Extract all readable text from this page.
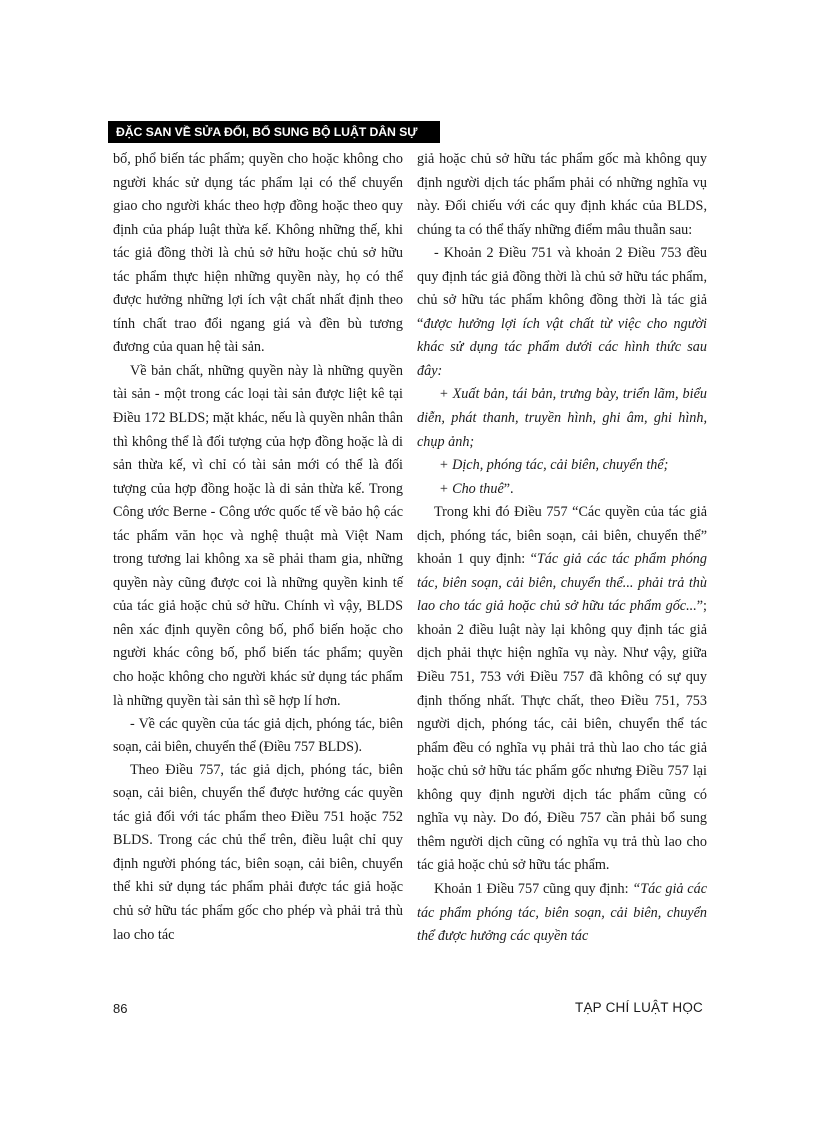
ĐẶC SAN VỀ SỬA ĐỔI, BỔ SUNG BỘ LUẬT DÂN SỰ

bố, phổ biến tác phẩm; quyền cho hoặc không cho người khác sử dụng tác phẩm lại có thể chuyển giao cho người khác theo hợp đồng hoặc theo quy định của pháp luật thừa kế. Không những thế, khi tác giả đồng thời là chủ sở hữu hoặc chủ sở hữu tác phẩm thực hiện những quyền này, họ có thể được hưởng những lợi ích vật chất nhất định theo tính chất trao đổi ngang giá và đền bù tương đương của quan hệ tài sản.

Về bản chất, những quyền này là những quyền tài sản - một trong các loại tài sản được liệt kê tại Điều 172 BLDS; mặt khác, nếu là quyền nhân thân thì không thể là đối tượng của hợp đồng hoặc là di sản thừa kế, vì chỉ có tài sản mới có thể là đối tượng của hợp đồng hoặc là di sản thừa kế. Trong Công ước Berne - Công ước quốc tế về bảo hộ các tác phẩm văn học và nghệ thuật mà Việt Nam trong tương lai không xa sẽ phải tham gia, những quyền này cũng được coi là những quyền kinh tế của tác giả hoặc chủ sở hữu. Chính vì vậy, BLDS nên xác định quyền công bố, phổ biến hoặc cho người khác công bố, phổ biến tác phẩm; quyền cho hoặc không cho người khác sử dụng tác phẩm là những quyền tài sản thì sẽ hợp lí hơn.

- Về các quyền của tác giả dịch, phóng tác, biên soạn, cải biên, chuyển thể (Điều 757 BLDS).

Theo Điều 757, tác giả dịch, phóng tác, biên soạn, cải biên, chuyển thể được hưởng các quyền tác giả đối với tác phẩm theo Điều 751 hoặc 752 BLDS. Trong các chủ thể trên, điều luật chỉ quy định người phóng tác, biên soạn, cải biên, chuyển thể khi sử dụng tác phẩm phải được tác giả hoặc chủ sở hữu tác phẩm gốc cho phép và phải trả thù lao cho tác

giả hoặc chủ sở hữu tác phẩm gốc mà không quy định người dịch tác phẩm phải có những nghĩa vụ này. Đối chiếu với các quy định khác của BLDS, chúng ta có thể thấy những điểm mâu thuẫn sau:

- Khoản 2 Điều 751 và khoản 2 Điều 753 đều quy định tác giả đồng thời là chủ sở hữu tác phẩm, chủ sở hữu tác phẩm không đồng thời là tác giả “được hưởng lợi ích vật chất từ việc cho người khác sử dụng tác phẩm dưới các hình thức sau đây:

+ Xuất bản, tái bản, trưng bày, triển lãm, biểu diễn, phát thanh, truyền hình, ghi âm, ghi hình, chụp ảnh;

+ Dịch, phóng tác, cải biên, chuyển thể;

+ Cho thuê”.

Trong khi đó Điều 757 “Các quyền của tác giả dịch, phóng tác, biên soạn, cải biên, chuyển thể” khoản 1 quy định: “Tác giả các tác phẩm phóng tác, biên soạn, cải biên, chuyển thể... phải trả thù lao cho tác giả hoặc chủ sở hữu tác phẩm gốc...”; khoản 2 điều luật này lại không quy định tác giả dịch phải thực hiện nghĩa vụ này. Như vậy, giữa Điều 751, 753 với Điều 757 đã không có sự quy định thống nhất. Thực chất, theo Điều 751, 753 người dịch, phóng tác, cải biên, chuyển thể tác phẩm đều có nghĩa vụ phải trả thù lao cho tác giả hoặc chủ sở hữu tác phẩm gốc nhưng Điều 757 lại không quy định người dịch tác phẩm cũng có nghĩa vụ này. Do đó, Điều 757 cần phải bổ sung thêm người dịch cũng có nghĩa vụ trả thù lao cho tác giả hoặc chủ sở hữu tác phẩm.

Khoản 1 Điều 757 cũng quy định: “Tác giả các tác phẩm phóng tác, biên soạn, cải biên, chuyển thể được hưởng các quyền tác

86	TẠP CHÍ LUẬT HỌC
